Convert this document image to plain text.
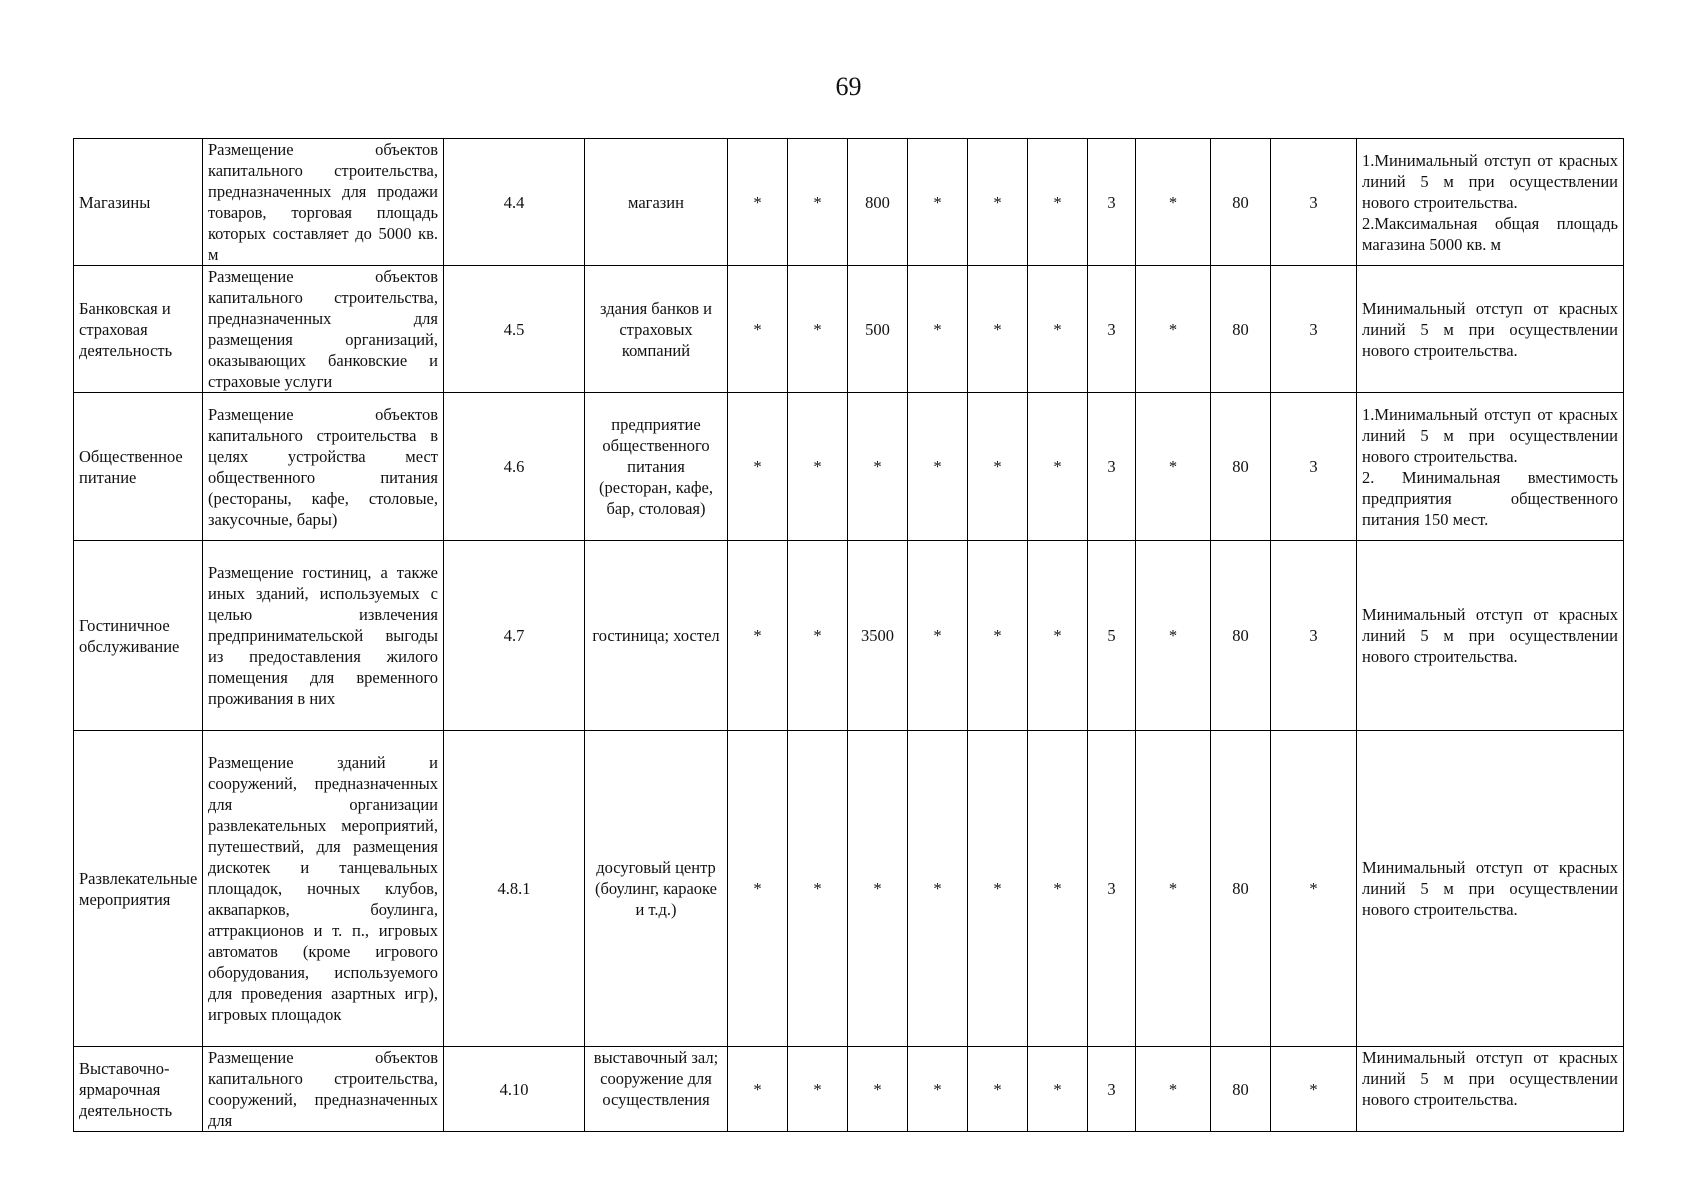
69
Магазины	Размещение объектов капитального строительства, предназначенных для продажи товаров, торговая площадь которых составляет до 5000 кв. м	4.4	магазин	*	*	800	*	*	*	3	*	80	3	1.Минимальный отступ от красных линий 5 м при осуществлении нового строительства.
2.Максимальная общая площадь магазина 5000 кв. м

Банковская и страховая деятельность	Размещение объектов капитального строительства, предназначенных для размещения организаций, оказывающих банковские и страховые услуги	4.5	здания банков и страховых компаний	*	*	500	*	*	*	3	*	80	3	Минимальный отступ от красных линий 5 м при осуществлении нового строительства.

Общественное питание	Размещение объектов капитального строительства в целях устройства мест общественного питания (рестораны, кафе, столовые, закусочные, бары)	4.6	предприятие общественного питания (ресторан, кафе, бар, столовая)	*	*	*	*	*	*	3	*	80	3	1.Минимальный отступ от красных линий 5 м при осуществлении нового строительства.
2. Минимальная вместимость предприятия общественного питания 150 мест.

Гостиничное обслуживание	Размещение гостиниц, а также иных зданий, используемых с целью извлечения предпринимательской выгоды из предоставления жилого помещения для временного проживания в них	4.7	гостиница; хостел	*	*	3500	*	*	*	5	*	80	3	Минимальный отступ от красных линий 5 м при осуществлении нового строительства.

Развлекательные мероприятия	Размещение зданий и сооружений, предназначенных для организации развлекательных мероприятий, путешествий, для размещения дискотек и танцевальных площадок, ночных клубов, аквапарков, боулинга, аттракционов и т. п., игровых автоматов (кроме игрового оборудования, используемого для проведения азартных игр), игровых площадок	4.8.1	досуговый центр (боулинг, караоке и т.д.)	*	*	*	*	*	*	3	*	80	*	Минимальный отступ от красных линий 5 м при осуществлении нового строительства.

Выставочно-ярмарочная деятельность	Размещение объектов капитального строительства, сооружений, предназначенных для	4.10	выставочный зал; сооружение для осуществления	*	*	*	*	*	*	3	*	80	*	Минимальный отступ от красных линий 5 м при осуществлении нового строительства.
